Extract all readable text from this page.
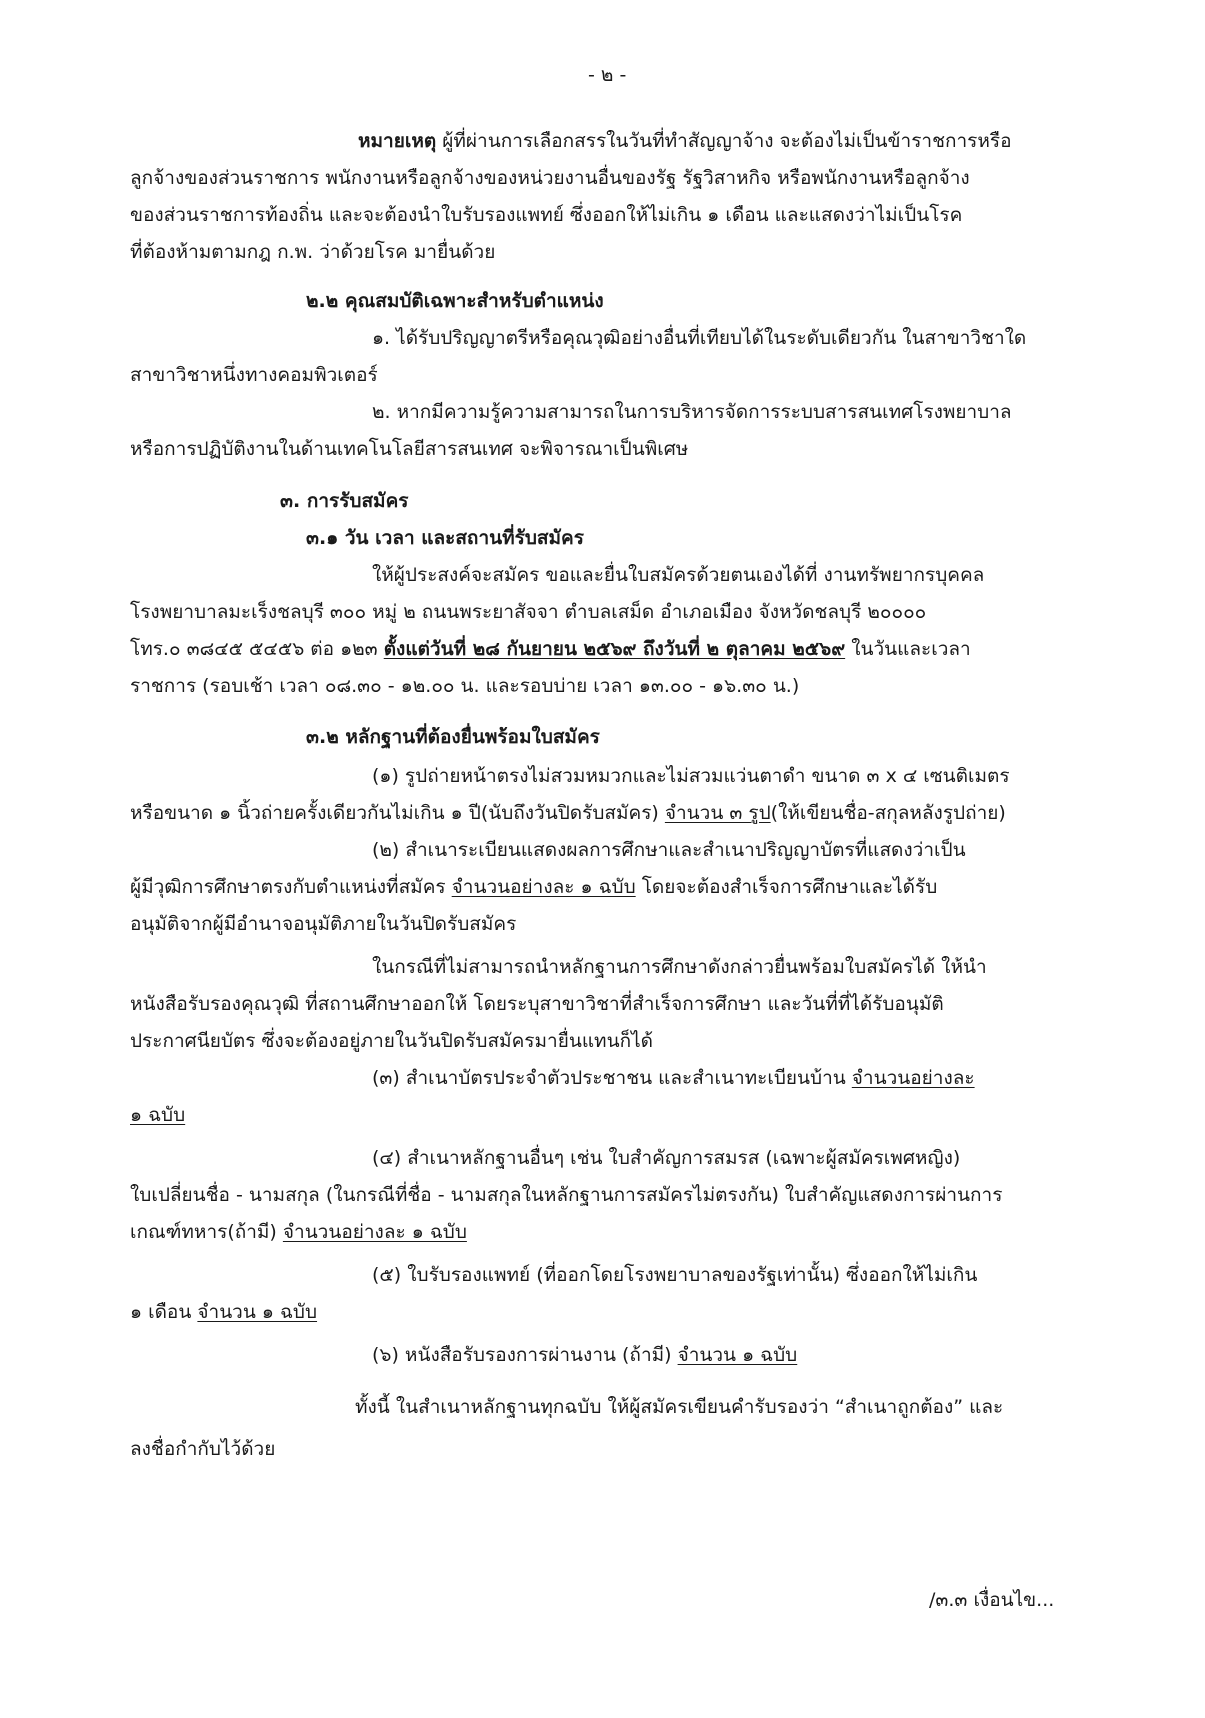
- ๒ -
หมายเหตุ ผู้ที่ผ่านการเลือกสรรในวันที่ทำสัญญาจ้าง จะต้องไม่เป็นข้าราชการหรือ
ลูกจ้างของส่วนราชการ พนักงานหรือลูกจ้างของหน่วยงานอื่นของรัฐ รัฐวิสาหกิจ หรือพนักงานหรือลูกจ้าง
ของส่วนราชการท้องถิ่น และจะต้องนำใบรับรองแพทย์ ซึ่งออกให้ไม่เกิน ๑ เดือน และแสดงว่าไม่เป็นโรค
ที่ต้องห้ามตามกฎ ก.พ. ว่าด้วยโรค มายื่นด้วย
๒.๒ คุณสมบัติเฉพาะสำหรับตำแหน่ง
๑. ได้รับปริญญาตรีหรือคุณวุฒิอย่างอื่นที่เทียบได้ในระดับเดียวกัน ในสาขาวิชาใด
สาขาวิชาหนึ่งทางคอมพิวเตอร์
๒. หากมีความรู้ความสามารถในการบริหารจัดการระบบสารสนเทศโรงพยาบาล
หรือการปฏิบัติงานในด้านเทคโนโลยีสารสนเทศ จะพิจารณาเป็นพิเศษ
๓. การรับสมัคร
๓.๑ วัน เวลา และสถานที่รับสมัคร
ให้ผู้ประสงค์จะสมัคร ขอและยื่นใบสมัครด้วยตนเองได้ที่ งานทรัพยากรบุคคล
โรงพยาบาลมะเร็งชลบุรี ๓๐๐ หมู่ ๒ ถนนพระยาสัจจา ตำบลเสม็ด อำเภอเมือง จังหวัดชลบุรี ๒๐๐๐๐
โทร.๐ ๓๘๔๕ ๕๔๕๖ ต่อ ๑๒๓ ตั้งแต่วันที่ ๒๘ กันยายน ๒๕๖๙ ถึงวันที่ ๒ ตุลาคม ๒๕๖๙ ในวันและเวลา
ราชการ (รอบเช้า เวลา ๐๘.๓๐ - ๑๒.๐๐ น. และรอบบ่าย เวลา ๑๓.๐๐ - ๑๖.๓๐ น.)
๓.๒ หลักฐานที่ต้องยื่นพร้อมใบสมัคร
(๑) รูปถ่ายหน้าตรงไม่สวมหมวกและไม่สวมแว่นตาดำ ขนาด ๓ x ๔ เซนติเมตร
หรือขนาด ๑ นิ้วถ่ายครั้งเดียวกันไม่เกิน ๑ ปี(นับถึงวันปิดรับสมัคร) จำนวน ๓ รูป(ให้เขียนชื่อ-สกุลหลังรูปถ่าย)
(๒) สำเนาระเบียนแสดงผลการศึกษาและสำเนาปริญญาบัตรที่แสดงว่าเป็น
ผู้มีวุฒิการศึกษาตรงกับตำแหน่งที่สมัคร จำนวนอย่างละ ๑ ฉบับ โดยจะต้องสำเร็จการศึกษาและได้รับ
อนุมัติจากผู้มีอำนาจอนุมัติภายในวันปิดรับสมัคร
ในกรณีที่ไม่สามารถนำหลักฐานการศึกษาดังกล่าวยื่นพร้อมใบสมัครได้ ให้นำ
หนังสือรับรองคุณวุฒิ ที่สถานศึกษาออกให้ โดยระบุสาขาวิชาที่สำเร็จการศึกษา และวันที่ที่ได้รับอนุมัติ
ประกาศนียบัตร ซึ่งจะต้องอยู่ภายในวันปิดรับสมัครมายื่นแทนก็ได้
(๓) สำเนาบัตรประจำตัวประชาชน และสำเนาทะเบียนบ้าน จำนวนอย่างละ
๑ ฉบับ
(๔) สำเนาหลักฐานอื่นๆ เช่น ใบสำคัญการสมรส (เฉพาะผู้สมัครเพศหญิง)
ใบเปลี่ยนชื่อ - นามสกุล (ในกรณีที่ชื่อ - นามสกุลในหลักฐานการสมัครไม่ตรงกัน) ใบสำคัญแสดงการผ่านการ
เกณฑ์ทหาร(ถ้ามี) จำนวนอย่างละ ๑ ฉบับ
(๕) ใบรับรองแพทย์ (ที่ออกโดยโรงพยาบาลของรัฐเท่านั้น) ซึ่งออกให้ไม่เกิน
๑ เดือน จำนวน ๑ ฉบับ
(๖) หนังสือรับรองการผ่านงาน (ถ้ามี) จำนวน ๑ ฉบับ
ทั้งนี้ ในสำเนาหลักฐานทุกฉบับ ให้ผู้สมัครเขียนคำรับรองว่า “สำเนาถูกต้อง” และ
ลงชื่อกำกับไว้ด้วย
/๓.๓ เงื่อนไข...
